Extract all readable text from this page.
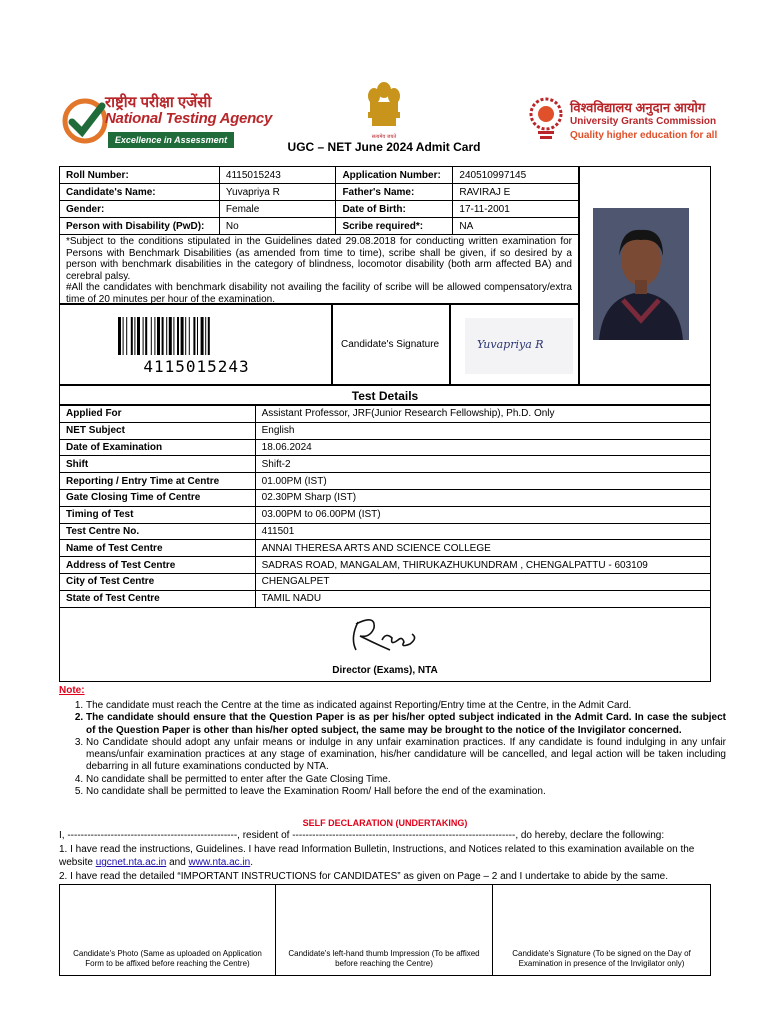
राष्ट्रीय परीक्षा एजेंसी
National Testing Agency
Excellence in Assessment	सत्यमेव जयते
UGC – NET June 2024 Admit Card
विश्वविद्यालय अनुदान आयोग
University Grants Commission
Quality higher education for all
Roll Number:	4115015243	Application Number:	240510997145
Candidate's Name:	Yuvapriya R	Father's Name:	RAVIRAJ E
Gender:	Female	Date of Birth:	17-11-2001
Person with Disability (PwD):	No	Scribe required*:	NA
*Subject to the conditions stipulated in the Guidelines dated 29.08.2018 for conducting written examination for Persons with Benchmark Disabilities (as amended from time to time), scribe shall be given, if so desired by a person with benchmark disabilities in the category of blindness, locomotor disability (both arm affected BA) and cerebral palsy.
#All the candidates with benchmark disability not availing the facility of scribe will be allowed compensatory/extra time of 20 minutes per hour of the examination.
4115015243
Candidate's Signature	Yuvapriya R
Test Details
Applied For	Assistant Professor, JRF(Junior Research Fellowship), Ph.D. Only
NET Subject	English
Date of Examination	18.06.2024
Shift	Shift-2
Reporting / Entry Time at Centre	01.00PM (IST)
Gate Closing Time of Centre	02.30PM Sharp (IST)
Timing of Test	03.00PM to 06.00PM (IST)
Test Centre No.	411501
Name of Test Centre	ANNAI THERESA ARTS AND SCIENCE COLLEGE
Address of Test Centre	SADRAS ROAD, MANGALAM, THIRUKAZHUKUNDRAM , CHENGALPATTU - 603109
City of Test Centre	CHENGALPET
State of Test Centre	TAMIL NADU
Director (Exams), NTA
Note:
1. The candidate must reach the Centre at the time as indicated against Reporting/Entry time at the Centre, in the Admit Card.
2. The candidate should ensure that the Question Paper is as per his/her opted subject indicated in the Admit Card. In case the subject of the Question Paper is other than his/her opted subject, the same may be brought to the notice of the Invigilator concerned.
3. No Candidate should adopt any unfair means or indulge in any unfair examination practices. If any candidate is found indulging in any unfair means/unfair examination practices at any stage of examination, his/her candidature will be cancelled, and legal action will be taken including debarring in all future examinations conducted by NTA.
4. No candidate shall be permitted to enter after the Gate Closing Time.
5. No candidate shall be permitted to leave the Examination Room/ Hall before the end of the examination.
SELF DECLARATION (UNDERTAKING)
I, ---------------------------------------------------, resident of -------------------------------------------------------------------, do hereby, declare the following:
1. I have read the instructions, Guidelines. I have read Information Bulletin, Instructions, and Notices related to this examination available on the website ugcnet.nta.ac.in and www.nta.ac.in.
2. I have read the detailed “IMPORTANT INSTRUCTIONS for CANDIDATES” as given on Page – 2 and I undertake to abide by the same.
Candidate's Photo (Same as uploaded on Application Form to be affixed before reaching the Centre)
Candidate's left-hand thumb Impression (To be affixed before reaching the Centre)
Candidate's Signature (To be signed on the Day of Examination in presence of the Invigilator only)
